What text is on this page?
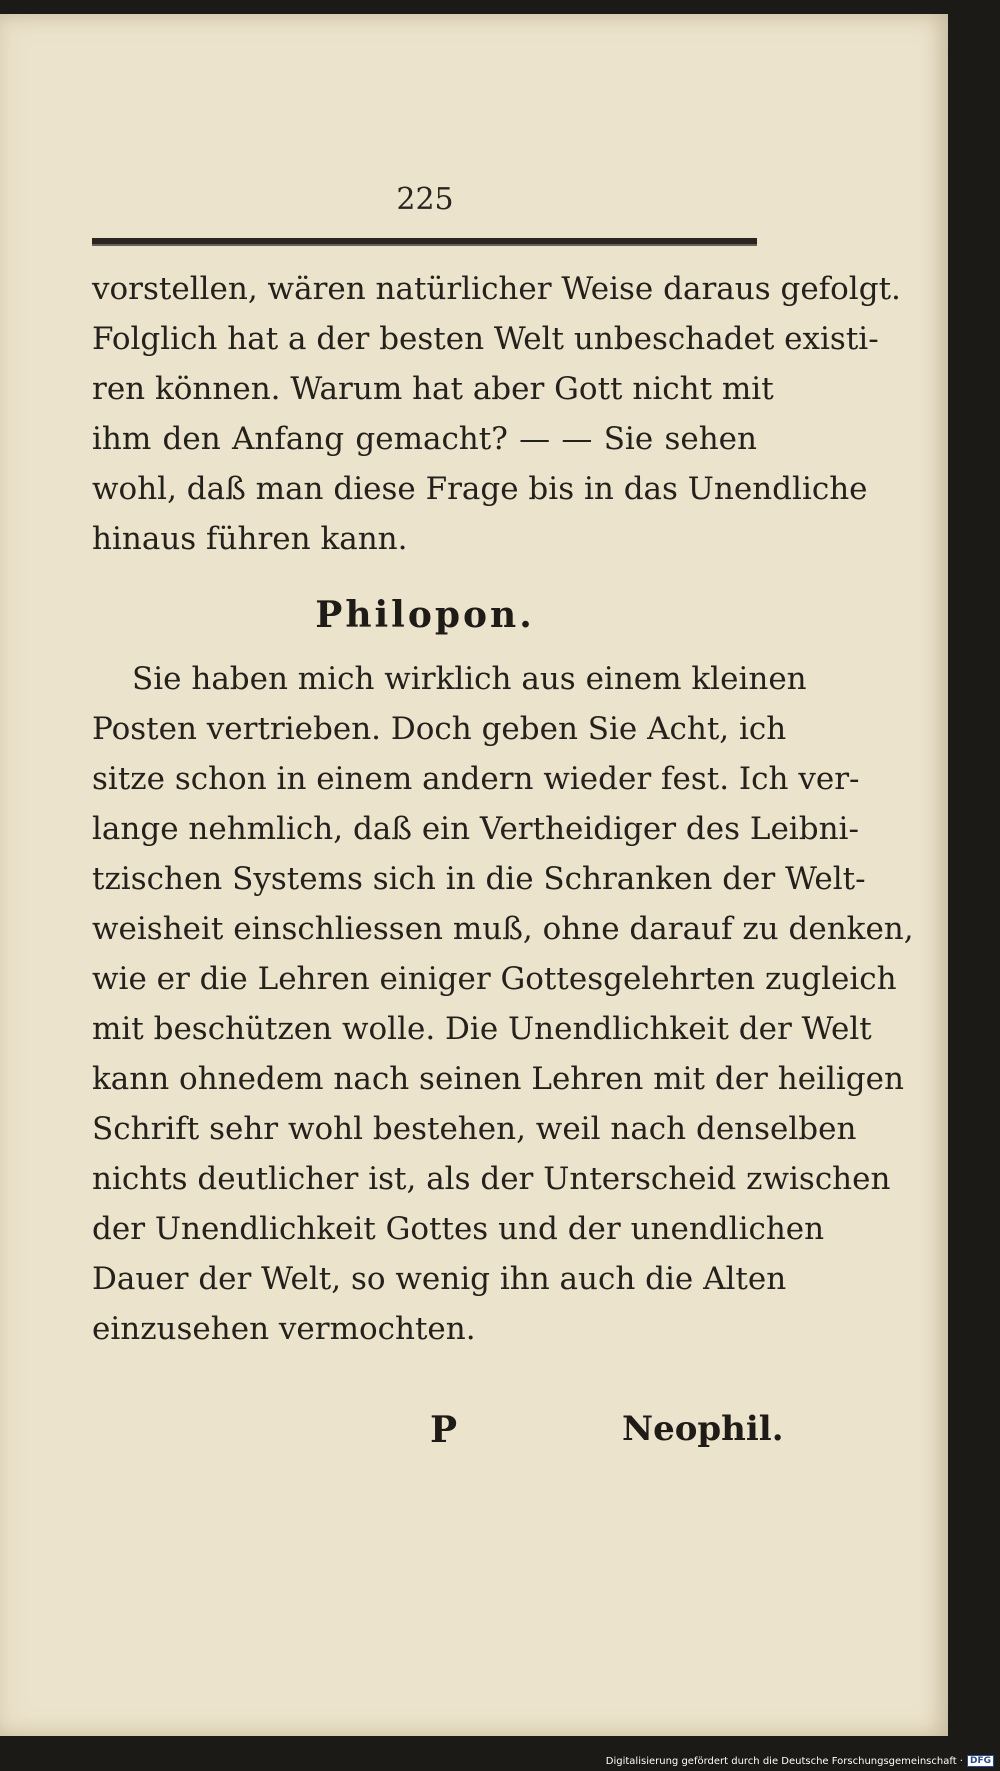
225
vorstellen, wären natürlicher Weise daraus gefolgt.
Folglich hat a der besten Welt unbeschadet existi-
ren können. Warum hat aber Gott nicht mit
ihm den Anfang gemacht? — — Sie sehen
wohl, daß man diese Frage bis in das Unendliche
hinaus führen kann.
Philopon.
Sie haben mich wirklich aus einem kleinen
Posten vertrieben. Doch geben Sie Acht, ich
sitze schon in einem andern wieder fest. Ich ver-
lange nehmlich, daß ein Vertheidiger des Leibni-
tzischen Systems sich in die Schranken der Welt-
weisheit einschliessen muß, ohne darauf zu denken,
wie er die Lehren einiger Gottesgelehrten zugleich
mit beschützen wolle. Die Unendlichkeit der Welt
kann ohnedem nach seinen Lehren mit der heiligen
Schrift sehr wohl bestehen, weil nach denselben
nichts deutlicher ist, als der Unterscheid zwischen
der Unendlichkeit Gottes und der unendlichen
Dauer der Welt, so wenig ihn auch die Alten
einzusehen vermochten.
P	Neophil.
Digitalisierung gefördert durch die Deutsche Forschungsgemeinschaft · DFG
